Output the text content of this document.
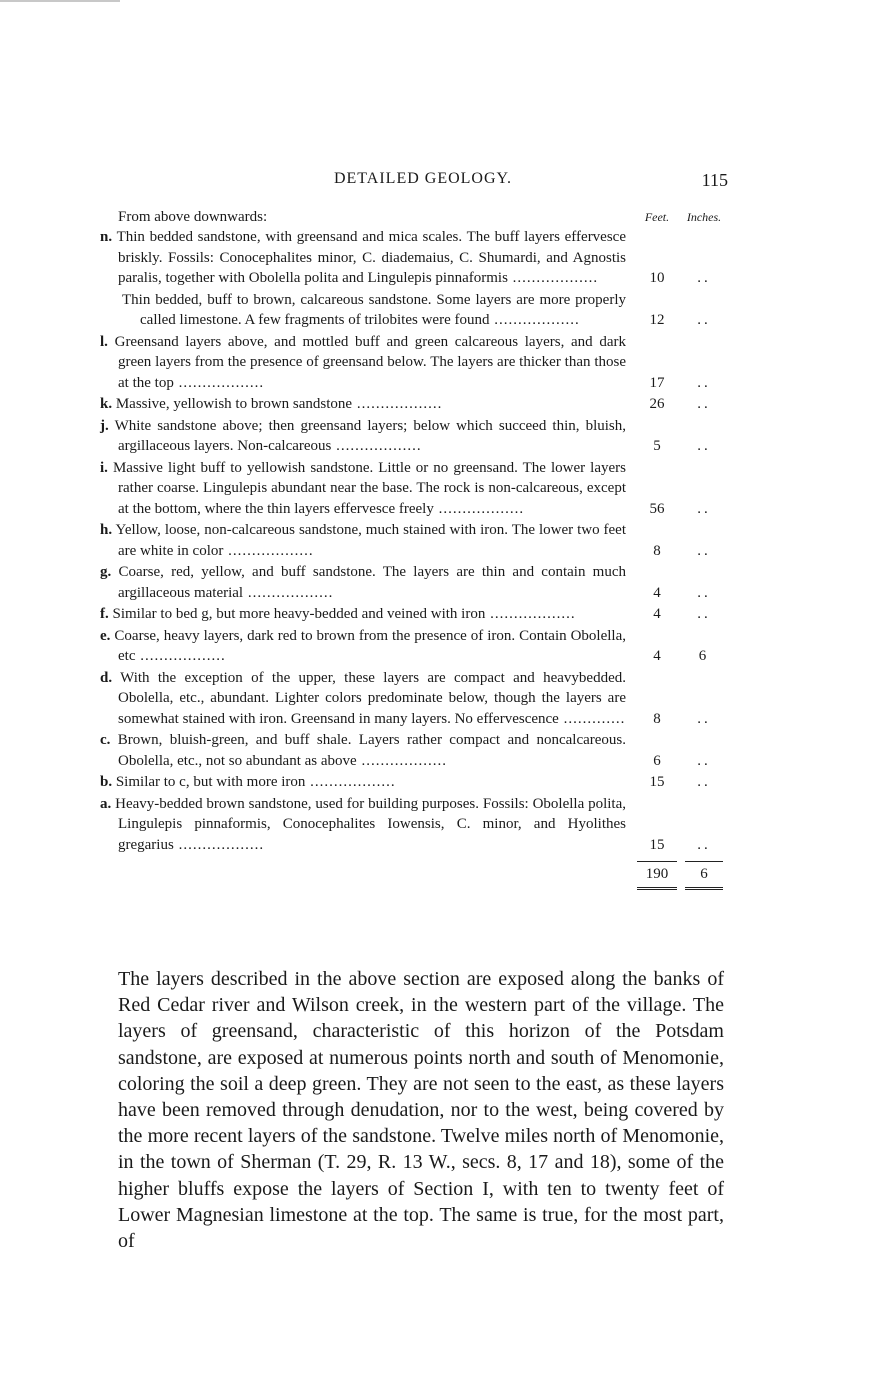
DETAILED GEOLOGY.	115
From above downwards:	Feet.	Inches.
n. Thin bedded sandstone, with greensand and mica scales. The buff layers effervesce briskly. Fossils: Conocephalites minor, C. diademaius, C. Shumardi, and Agnostis paralis, together with Obolella polita and Lingulepis pinnaformis ..................	10	..
Thin bedded, buff to brown, calcareous sandstone. Some layers are more properly called limestone. A few fragments of trilobites were found ..................	12	..
l. Greensand layers above, and mottled buff and green calcareous layers, and dark green layers from the presence of greensand below. The layers are thicker than those at the top ..................	17	..
k. Massive, yellowish to brown sandstone ..................	26	..
j. White sandstone above; then greensand layers; below which succeed thin, bluish, argillaceous layers. Non-calcareous ..................	5	..
i. Massive light buff to yellowish sandstone. Little or no greensand. The lower layers rather coarse. Lingulepis abundant near the base. The rock is non-calcareous, except at the bottom, where the thin layers effervesce freely ..................	56	..
h. Yellow, loose, non-calcareous sandstone, much stained with iron. The lower two feet are white in color ..................	8	..
g. Coarse, red, yellow, and buff sandstone. The layers are thin and contain much argillaceous material ..................	4	..
f. Similar to bed g, but more heavy-bedded and veined with iron ..................	4	..
e. Coarse, heavy layers, dark red to brown from the presence of iron. Contain Obolella, etc ..................	4	6
d. With the exception of the upper, these layers are compact and heavybedded. Obolella, etc., abundant. Lighter colors predominate below, though the layers are somewhat stained with iron. Greensand in many layers. No effervescence .............	8	..
c. Brown, bluish-green, and buff shale. Layers rather compact and noncalcareous. Obolella, etc., not so abundant as above ..................	6	..
b. Similar to c, but with more iron ..................	15	..
a. Heavy-bedded brown sandstone, used for building purposes. Fossils: Obolella polita, Lingulepis pinnaformis, Conocephalites Iowensis, C. minor, and Hyolithes gregarius ..................	15	..
190	6
The layers described in the above section are exposed along the banks of Red Cedar river and Wilson creek, in the western part of the village. The layers of greensand, characteristic of this horizon of the Potsdam sandstone, are exposed at numerous points north and south of Menomonie, coloring the soil a deep green. They are not seen to the east, as these layers have been removed through denudation, nor to the west, being covered by the more recent layers of the sandstone. Twelve miles north of Menomonie, in the town of Sherman (T. 29, R. 13 W., secs. 8, 17 and 18), some of the higher bluffs expose the layers of Section I, with ten to twenty feet of Lower Magnesian limestone at the top. The same is true, for the most part, of
